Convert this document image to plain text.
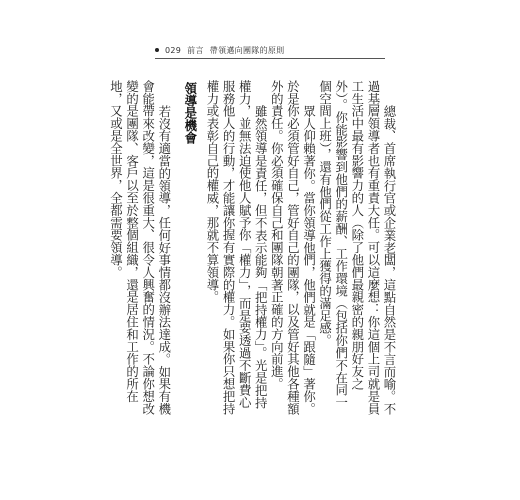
029 前言 帶領邁向團隊的原則

總裁、首席執行官或企業老闆，這點自然是不言而喻。不過基層領導者也有重責大任。可以這麼想：你這個上司就是員工生活中最有影響力的人（除了他們最親密的親朋好友之外）。你能影響到他們的薪酬、工作環境（包括你們不在同一個空間上班），還有他們從工作上獲得的滿足感。

眾人仰賴著你。當你領導他們，他們就是「跟隨」著你。於是你必須管好自己，管好自己的團隊，以及管好其他各種額外的責任。你必須確保自己和團隊朝著正確的方向前進。

雖然領導是責任，但不表示能夠「把持權力」。光是把持權力，並無法迫使他人賦予你「權力」，而是要透過不斷費心服務他人的行動，才能讓你握有實際的權力。如果你只想把持權力或表彰自己的權威，那就不算領導。

領導是機會

若沒有適當的領導，任何好事情都沒辦法達成。如果有機會能帶來改變，這是很重大、很令人興奮的情況。不論你想改變的是團隊、客戶以至於整個組織，還是居住和工作的所在地，又或是全世界，全都需要領導。
